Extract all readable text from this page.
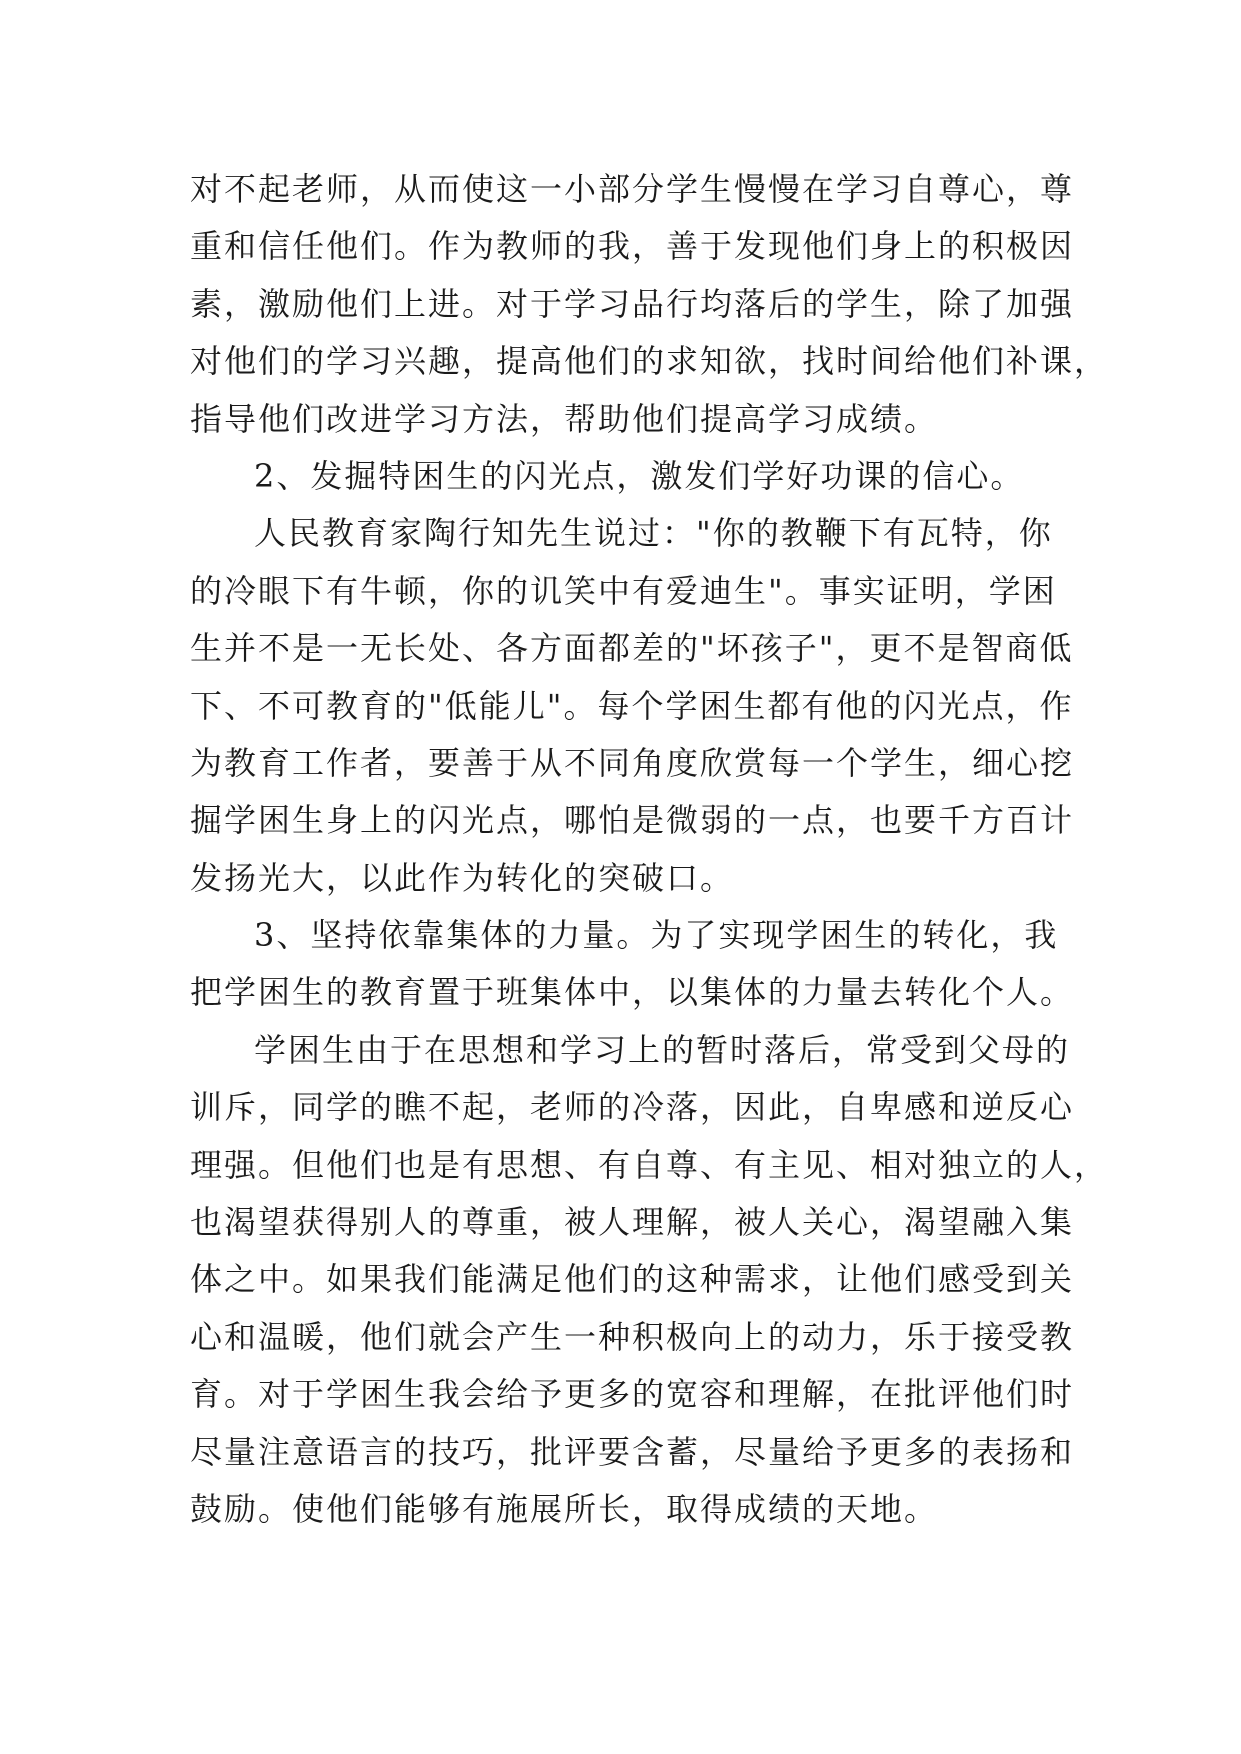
对不起老师，从而使这一小部分学生慢慢在学习自尊心，尊
重和信任他们。作为教师的我，善于发现他们身上的积极因
素，激励他们上进。对于学习品行均落后的学生，除了加强
对他们的学习兴趣，提高他们的求知欲，找时间给他们补课，
指导他们改进学习方法，帮助他们提高学习成绩。
2、发掘特困生的闪光点，激发们学好功课的信心。
人民教育家陶行知先生说过："你的教鞭下有瓦特，你
的冷眼下有牛顿，你的讥笑中有爱迪生"。事实证明，学困
生并不是一无长处、各方面都差的"坏孩子"，更不是智商低
下、不可教育的"低能儿"。每个学困生都有他的闪光点，作
为教育工作者，要善于从不同角度欣赏每一个学生，细心挖
掘学困生身上的闪光点，哪怕是微弱的一点，也要千方百计
发扬光大，以此作为转化的突破口。
3、坚持依靠集体的力量。为了实现学困生的转化，我
把学困生的教育置于班集体中，以集体的力量去转化个人。
学困生由于在思想和学习上的暂时落后，常受到父母的
训斥，同学的瞧不起，老师的冷落，因此，自卑感和逆反心
理强。但他们也是有思想、有自尊、有主见、相对独立的人，
也渴望获得别人的尊重，被人理解，被人关心，渴望融入集
体之中。如果我们能满足他们的这种需求，让他们感受到关
心和温暖，他们就会产生一种积极向上的动力，乐于接受教
育。对于学困生我会给予更多的宽容和理解，在批评他们时
尽量注意语言的技巧，批评要含蓄，尽量给予更多的表扬和
鼓励。使他们能够有施展所长，取得成绩的天地。
